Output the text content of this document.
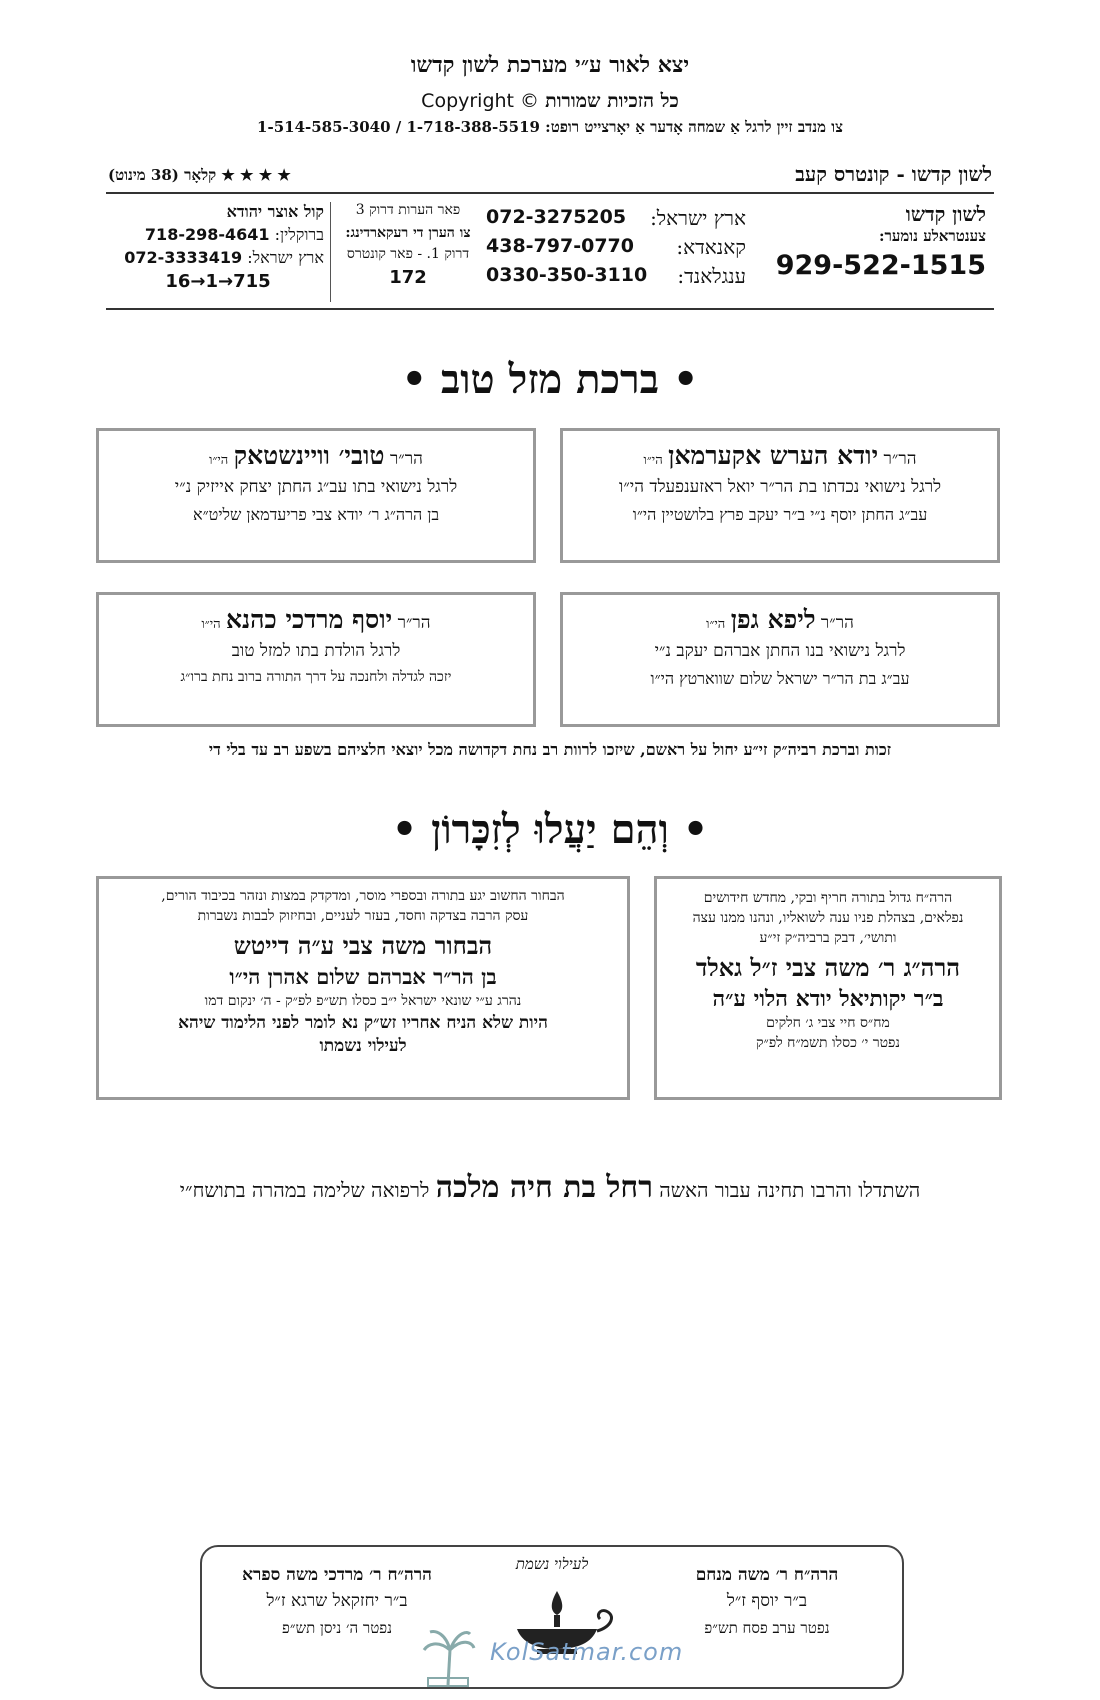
יצא לאור ע״י מערכת לשון קדשו
Copyright © כל הזכיות שמורות
צו מנדב זיין לרגל אַ שמחה אָדער אַ יאָרצייט רופט: 1-718-388-5519 / 1-514-585-3040
לשון קדשו - קונטרס קעב
★ ★ ★ ★ קלאָר (38 מינוט)
לשון קדשו
צענטראלע נומער:
929-522-1515
ארץ ישראל:
072-3275205
קאנאדא:
438-797-0770
ענגלאנד:
0330-350-3110
פאר הערות דרוק 3
צו הערן די רעקארדינג:
דרוק 1. - פאר קונטרס
172
קול אוצר יהודא
ברוקלין: 718-298-4641
ארץ ישראל: 072-3333419
16→1→715
• ברכת מזל טוב •
הר״ר יודא הערש אקערמאן הי״ו
לרגל נישואי נכדתו בת הר״ר יואל ראזענפעלד הי״ו
עב״ג החתן יוסף נ״י ב״ר יעקב פרץ בלושטיין הי״ו
הר״ר טובי׳ וויינשטאק הי״ו
לרגל נישואי בתו עב״ג החתן יצחק אייזיק נ״י
בן הרה״ג ר׳ יודא צבי פריעדמאן שליט״א
הר״ר ליפא גפן הי״ו
לרגל נישואי בנו החתן אברהם יעקב נ״י
עב״ג בת הר״ר ישראל שלום שווארטץ הי״ו
הר״ר יוסף מרדכי כהנא הי״ו
לרגל הולדת בתו למזל טוב
יזכה לגדלה ולחנכה על דרך התורה ברוב נחת ברו״ג
זכות וברכת רביה״ק זי״ע יחול על ראשם, שיזכו לרוות רב נחת דקדושה מכל יוצאי חלציהם בשפע רב עד בלי די
• וְהֵם יַעֲלוּ לְזִכָּרוֹן •
הרה״ח גדול בתורה חריף ובקי, מחדש חידושים
נפלאים, בצהלת פניו ענה לשואליו, ונהנו ממנו עצה
ותושי׳, דבק ברביה״ק זי״ע
הרה״ג ר׳ משה צבי ז״ל גאלד
ב״ר יקותיאל יודא הלוי ע״ה
מח״ס חיי צבי ג׳ חלקים
נפטר י׳ כסלו תשמ״ח לפ״ק
הבחור החשוב יגע בתורה ובספרי מוסר, ומדקדק במצות ונזהר בכיבוד הורים,
עסק הרבה בצדקה וחסד, בעזר לעניים, ובחיזוק לבבות נשברות
הבחור משה צבי ע״ה דייטש
בן הר״ר אברהם שלום אהרן הי״ו
נהרג ע״י שונאי ישראל י״ב כסלו תש״פ לפ״ק - ה׳ ינקום דמו
היות שלא הניח אחריו זש״ק נא לומר לפני הלימוד שיהא
לעילוי נשמתו
השתדלו והרבו תחינה עבור האשה רחל בת חיה מלכה לרפואה שלימה במהרה בתושח״י
הרה״ח ר׳ משה מנחם
ב״ר יוסף ז״ל
נפטר ערב פסח תש״פ
הרה״ח ר׳ מרדכי משה ספרא
ב״ר יחזקאל שרגא ז״ל
נפטר ה׳ ניסן תש״פ
לעילוי נשמת
KolSatmar.com
